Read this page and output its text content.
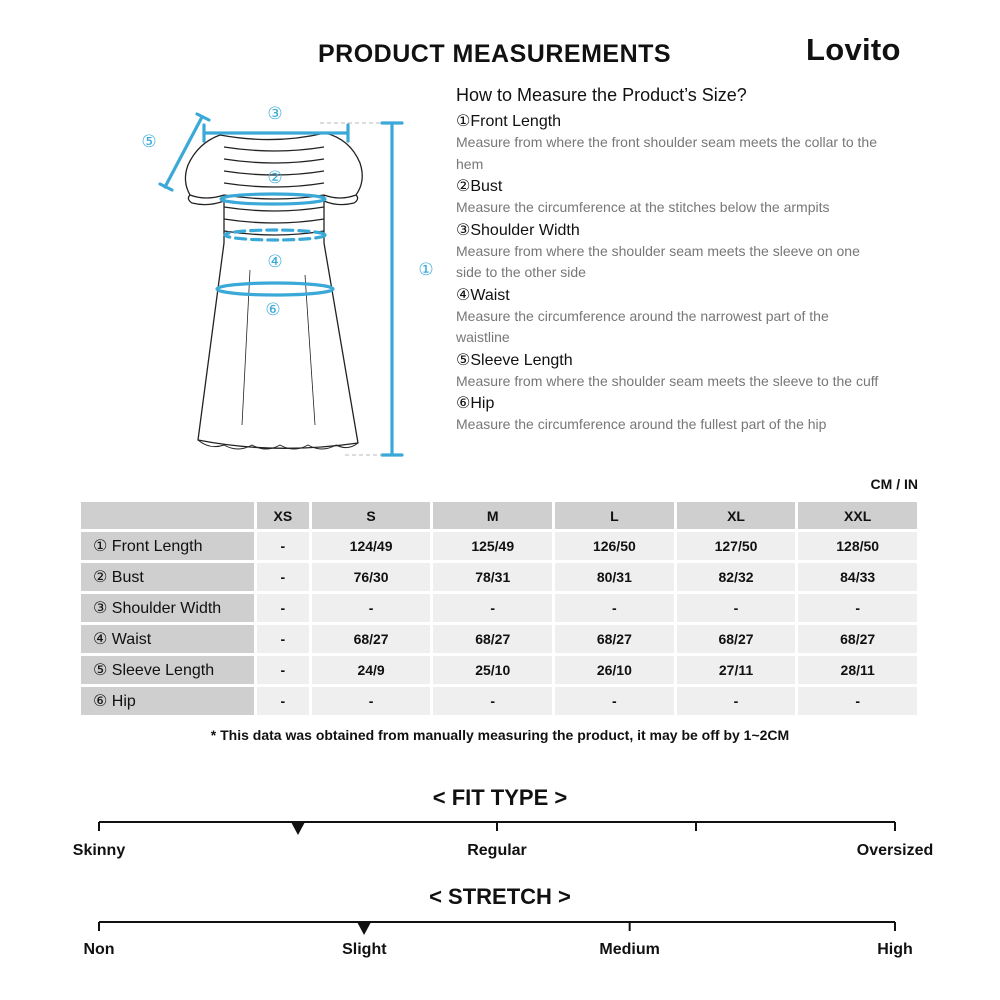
PRODUCT MEASUREMENTS	Lovito
③
⑤
②
④
⑥
①
How to Measure the Product’s Size?
①Front Length
Measure from where the front shoulder seam meets the collar to the hem
②Bust
Measure the circumference at the stitches below the armpits
③Shoulder Width
Measure from where the shoulder seam meets the sleeve on one side to the other side
④Waist
Measure the circumference around the narrowest part of the waistline
⑤Sleeve Length
Measure from where the shoulder seam meets the sleeve to the cuff
⑥Hip
Measure the circumference around the fullest part of the hip
CM / IN
	XS	S	M	L	XL	XXL
① Front Length	-	124/49	125/49	126/50	127/50	128/50
② Bust	-	76/30	78/31	80/31	82/32	84/33
③ Shoulder Width	-	-	-	-	-	-
④ Waist	-	68/27	68/27	68/27	68/27	68/27
⑤ Sleeve Length	-	24/9	25/10	26/10	27/11	28/11
⑥ Hip	-	-	-	-	-	-
* This data was obtained from manually measuring the product, it may be off by 1~2CM
< FIT TYPE >
Skinny	Regular	Oversized
< STRETCH >
Non	Slight	Medium	High
